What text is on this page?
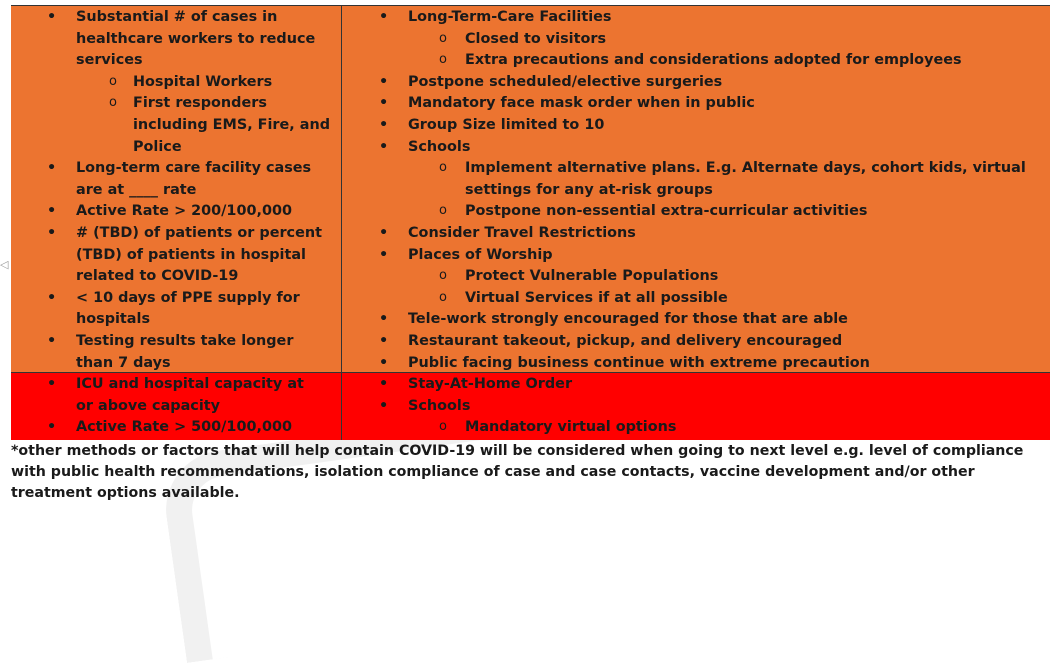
◁
• Substantial # of cases in healthcare workers to reduce services
o Hospital Workers
o First responders including EMS, Fire, and Police
• Long-term care facility cases are at ____ rate
• Active Rate > 200/100,000
• # (TBD) of patients or percent (TBD) of patients in hospital related to COVID-19
• < 10 days of PPE supply for hospitals
• Testing results take longer than 7 days
• Long-Term-Care Facilities
o Closed to visitors
o Extra precautions and considerations adopted for employees
• Postpone scheduled/elective surgeries
• Mandatory face mask order when in public
• Group Size limited to 10
• Schools
o Implement alternative plans. E.g. Alternate days, cohort kids, virtual settings for any at-risk groups
o Postpone non-essential extra-curricular activities
• Consider Travel Restrictions
• Places of Worship
o Protect Vulnerable Populations
o Virtual Services if at all possible
• Tele-work strongly encouraged for those that are able
• Restaurant takeout, pickup, and delivery encouraged
• Public facing business continue with extreme precaution
• ICU and hospital capacity at or above capacity
• Active Rate > 500/100,000
• Stay-At-Home Order
• Schools
o Mandatory virtual options
*other methods or factors that will help contain COVID-19 will be considered when going to next level e.g. level of compliance with public health recommendations, isolation compliance of case and case contacts, vaccine development and/or other treatment options available.
